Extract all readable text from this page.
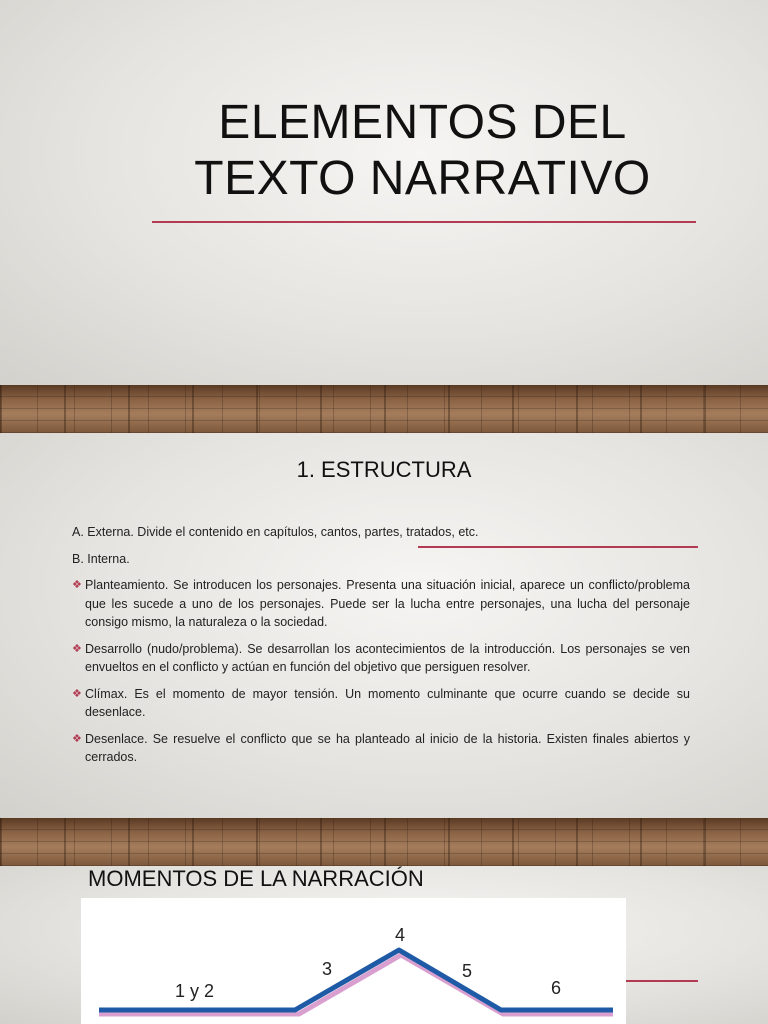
ELEMENTOS DEL
TEXTO NARRATIVO
1. ESTRUCTURA
A. Externa. Divide el contenido en capítulos, cantos, partes, tratados, etc.
B. Interna.
❖ Planteamiento. Se introducen los personajes. Presenta una situación inicial, aparece un conflicto/problema que les sucede a uno de los personajes. Puede ser la lucha entre personajes, una lucha del personaje consigo mismo, la naturaleza o la sociedad.
❖ Desarrollo (nudo/problema). Se desarrollan los acontecimientos de la introducción. Los personajes se ven envueltos en el conflicto y actúan en función del objetivo que persiguen resolver.
❖ Clímax. Es el momento de mayor tensión. Un momento culminante que ocurre cuando se decide su desenlace.
❖ Desenlace. Se resuelve el conflicto que se ha planteado al inicio de la historia. Existen finales abiertos y cerrados.
MOMENTOS DE LA NARRACIÓN
1 y 2
3
4
5
6
